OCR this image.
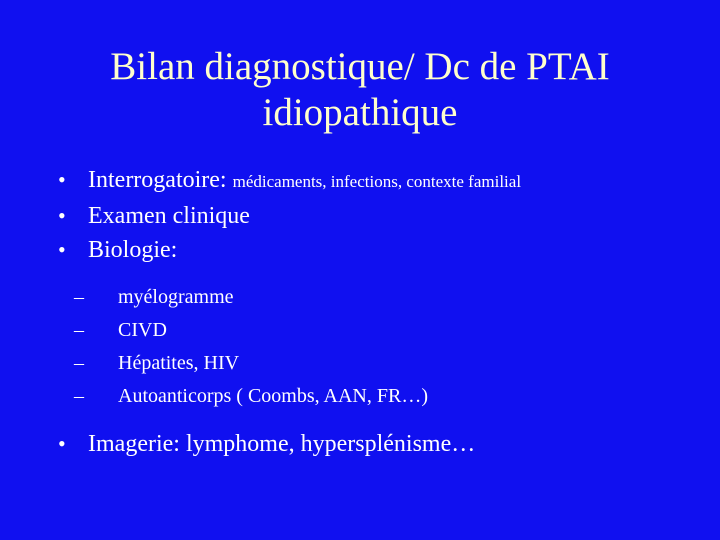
Bilan diagnostique/ Dc de PTAI
idiopathique
• Interrogatoire: médicaments, infections, contexte familial
• Examen clinique
• Biologie:
– myélogramme
– CIVD
– Hépatites, HIV
– Autoanticorps ( Coombs, AAN, FR…)
• Imagerie: lymphome, hypersplénisme…
